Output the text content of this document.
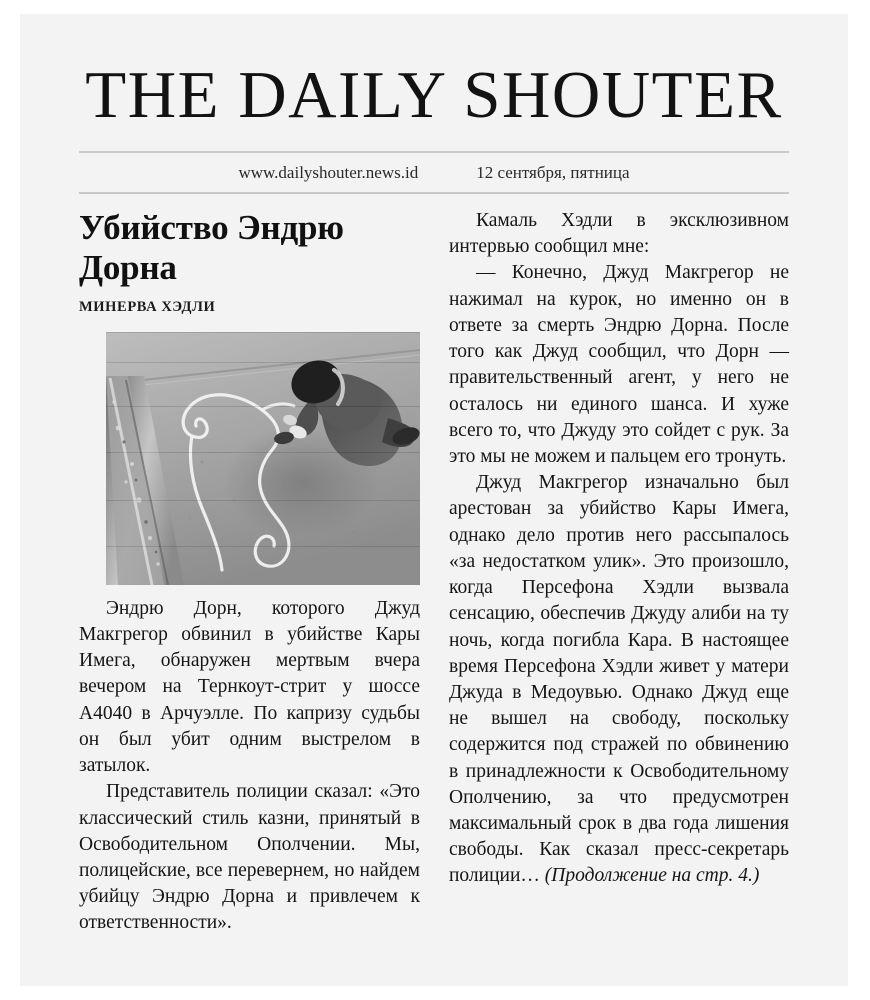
THE DAILY SHOUTER
www.dailyshouter.news.id	12 сентября, пятница
Убийство Эндрю Дорна
МИНЕРВА ХЭДЛИ

Эндрю Дорн, которого Джуд Макгрегор обвинил в убийстве Кары Имега, обнаружен мертвым вчера вечером на Тернкоут-стрит у шоссе A4040 в Арчуэлле. По капризу судьбы он был убит одним выстрелом в затылок.

Представитель полиции сказал: «Это классический стиль казни, принятый в Освободительном Ополчении. Мы, полицейские, все перевернем, но найдем убийцу Эндрю Дорна и привлечем к ответственности».

Камаль Хэдли в эксклюзивном интервью сообщил мне:

— Конечно, Джуд Макгрегор не нажимал на курок, но именно он в ответе за смерть Эндрю Дорна. После того как Джуд сообщил, что Дорн — правительственный агент, у него не осталось ни единого шанса. И хуже всего то, что Джуду это сойдет с рук. За это мы не можем и пальцем его тронуть.

Джуд Макгрегор изначально был арестован за убийство Кары Имега, однако дело против него рассыпалось «за недостатком улик». Это произошло, когда Персефона Хэдли вызвала сенсацию, обеспечив Джуду алиби на ту ночь, когда погибла Кара. В настоящее время Персефона Хэдли живет у матери Джуда в Медоувью. Однако Джуд еще не вышел на свободу, поскольку содержится под стражей по обвинению в принадлежности к Освободительному Ополчению, за что предусмотрен максимальный срок в два года лишения свободы. Как сказал пресс-секретарь полиции… (Продолжение на стр. 4.)
